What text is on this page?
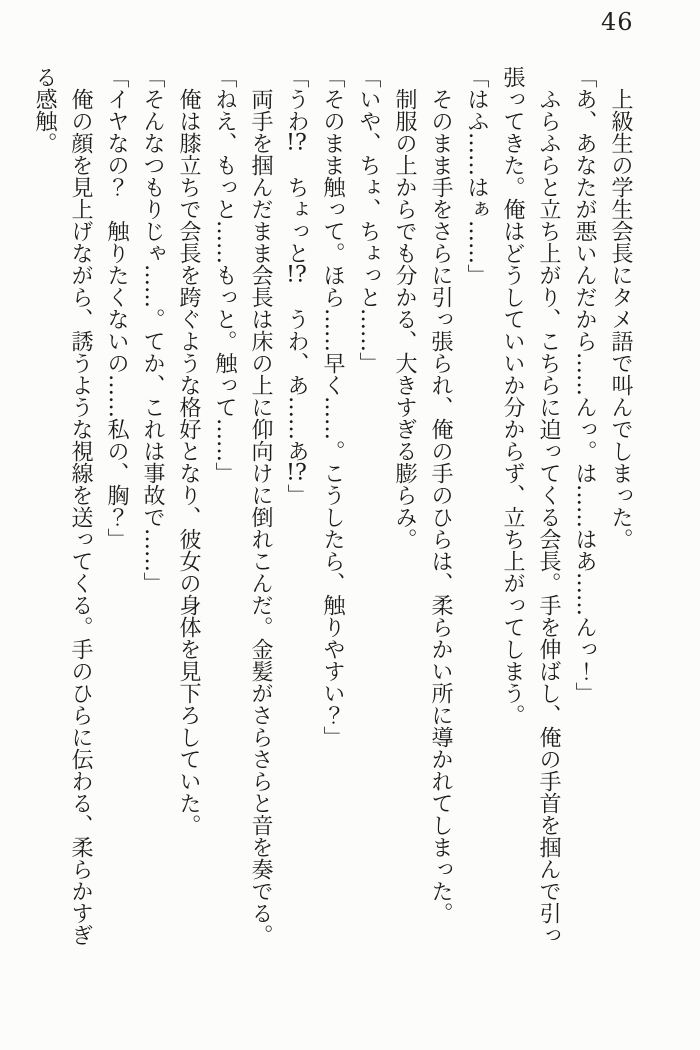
46

　上級生の学生会長にタメ語で叫んでしまった。

「あ、あなたが悪いんだから……んっ。は……はあ……んっ！」

　ふらふらと立ち上がり、こちらに迫ってくる会長。手を伸ばし、俺の手首を掴んで引っ張ってきた。俺はどうしていいか分からず、立ち上がってしまう。

「はふ……はぁ……」

　そのまま手をさらに引っ張られ、俺の手のひらは、柔らかい所に導かれてしまった。

　制服の上からでも分かる、大きすぎる膨らみ。

「いや、ちょ、ちょっと……」

「そのまま触って。ほら……早く……。こうしたら、触りやすい？」

「うわ!?　ちょっと!?　うわ、あ……あ!?」

　両手を掴んだまま会長は床の上に仰向けに倒れこんだ。金髪がさらさらと音を奏でる。

「ねえ、もっと……もっと。触って……」

　俺は膝立ちで会長を跨ぐような格好となり、彼女の身体を見下ろしていた。

「そんなつもりじゃ……。てか、これは事故で……」

「イヤなの？　触りたくないの……私の、胸？」

　俺の顔を見上げながら、誘うような視線を送ってくる。手のひらに伝わる、柔らかすぎる感触。
